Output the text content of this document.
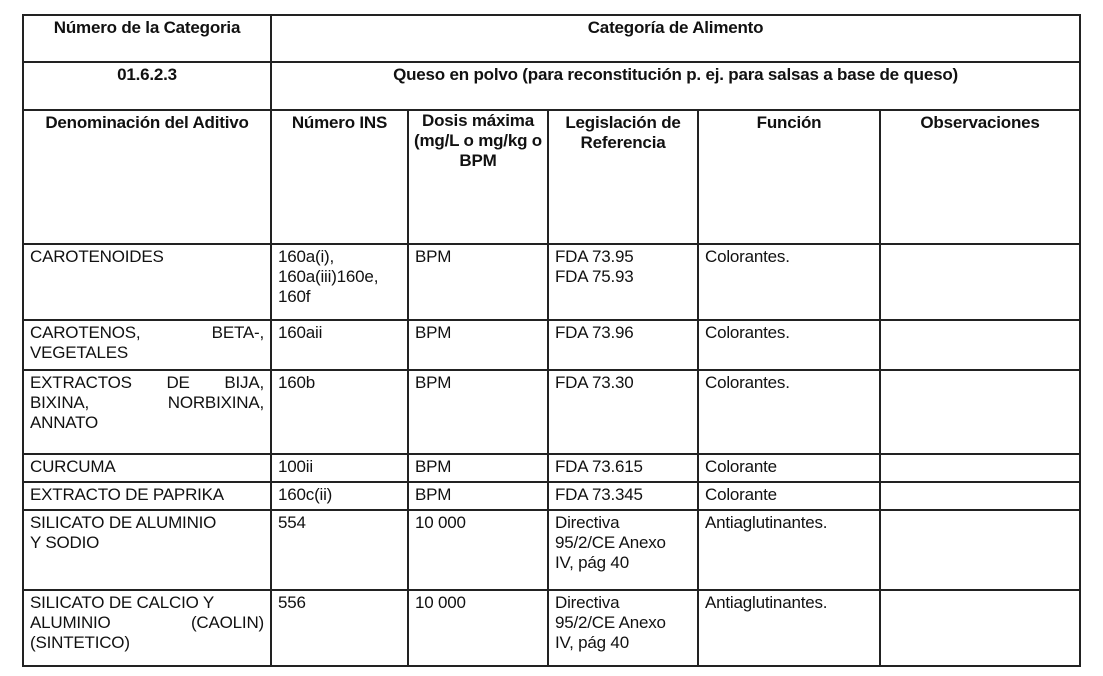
Número de la Categoria	Categoría de Alimento				
01.6.2.3	Queso en polvo (para reconstitución p. ej. para salsas a base de queso)				
Denominación del Aditivo	Número INS	Dosis máxima (mg/L o mg/kg o BPM	Legislación de Referencia	Función	Observaciones
CAROTENOIDES	160a(i),
160a(iii)160e,
160f	BPM	FDA 73.95
FDA 75.93	Colorantes.	

CAROTENOS, BETA-,
VEGETALES	160aii	BPM	FDA 73.96	Colorantes.	

EXTRACTOS DE BIJA,
BIXINA, NORBIXINA,
ANNATO	160b	BPM	FDA 73.30	Colorantes.	
CURCUMA	100ii	BPM	FDA 73.615	Colorante	
EXTRACTO DE PAPRIKA	160c(ii)	BPM	FDA 73.345	Colorante	

SILICATO DE ALUMINIO
Y SODIO	554	10 000	Directiva
95/2/CE Anexo
IV, pág 40	Antiaglutinantes.	

SILICATO DE CALCIO Y
ALUMINIO (CAOLIN)
(SINTETICO)	556	10 000	Directiva
95/2/CE Anexo
IV, pág 40	Antiaglutinantes.	
